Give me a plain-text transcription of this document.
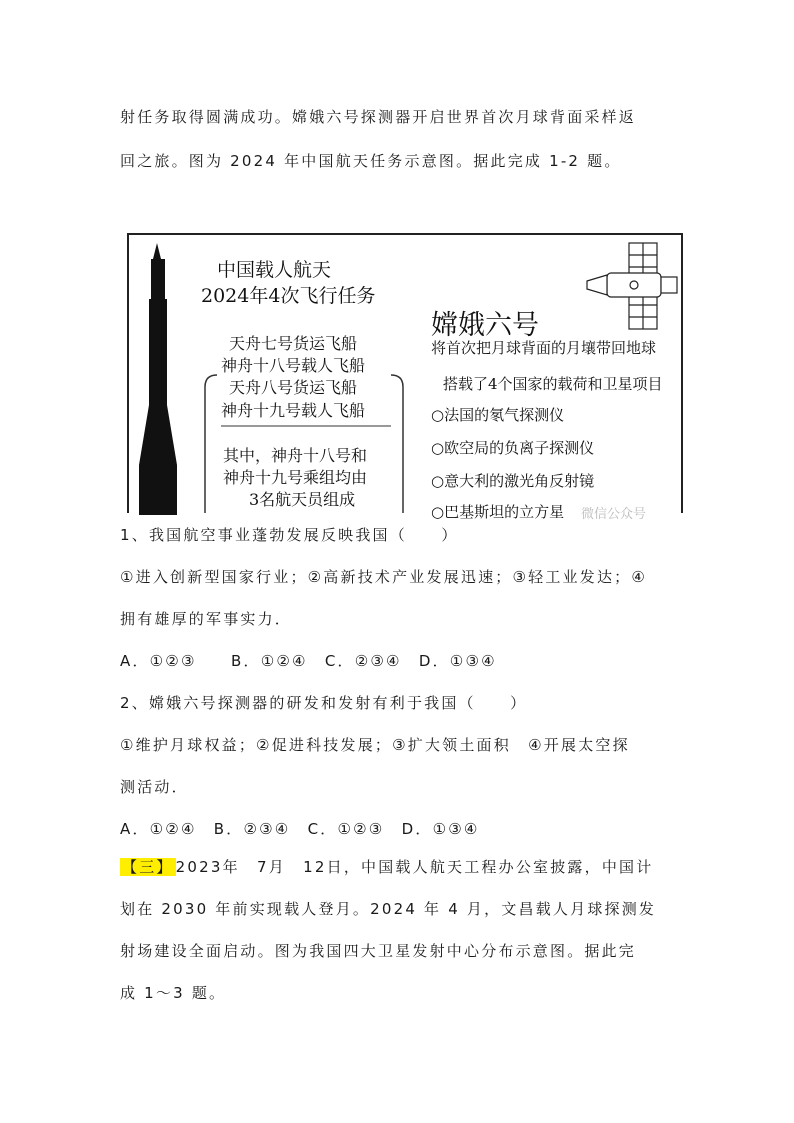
射任务取得圆满成功。嫦娥六号探测器开启世界首次月球背面采样返
回之旅。图为 2024 年中国航天任务示意图。据此完成 1-2 题。
中国载人航天
2024年4次飞行任务
天舟七号货运飞船
神舟十八号载人飞船
天舟八号货运飞船
神舟十九号载人飞船
其中，神舟十八号和
神舟十九号乘组均由
3名航天员组成
嫦娥六号
将首次把月球背面的月壤带回地球
搭载了4个国家的载荷和卫星项目
○法国的氡气探测仪
○欧空局的负离子探测仪
○意大利的激光角反射镜
○巴基斯坦的立方星 微信公众号
1、我国航空事业蓬勃发展反映我国（　　）
①进入创新型国家行业；②高新技术产业发展迅速；③轻工业发达；④
拥有雄厚的军事实力．
A．①②③　　B．①②④　C．②③④　D．①③④
2、嫦娥六号探测器的研发和发射有利于我国（　　）
①维护月球权益；②促进科技发展；③扩大领土面积　④开展太空探
测活动．
A．①②④　B．②③④　C．①②③　D．①③④
【三】 2023年　7月　12日，中国载人航天工程办公室披露，中国计
划在 2030 年前实现载人登月。2024 年 4 月，文昌载人月球探测发
射场建设全面启动。图为我国四大卫星发射中心分布示意图。据此完
成 1～3 题。
